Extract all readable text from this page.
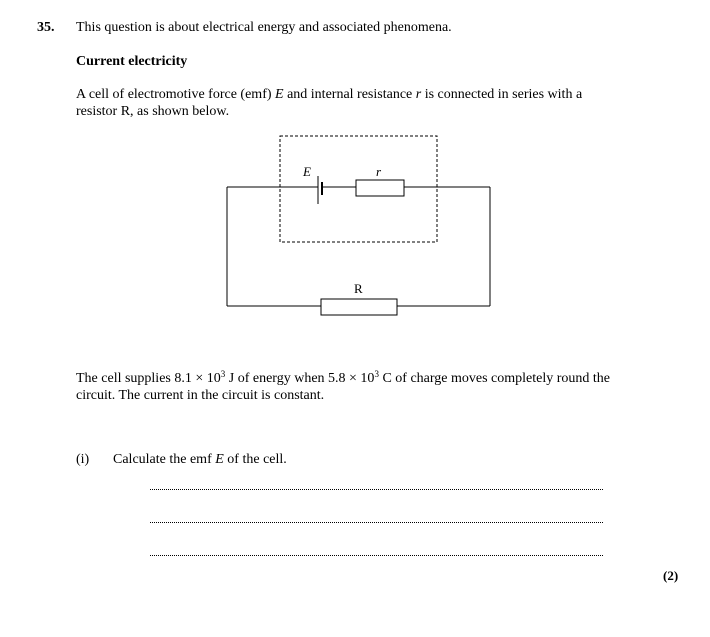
35. This question is about electrical energy and associated phenomena.
Current electricity
A cell of electromotive force (emf) E and internal resistance r is connected in series with a
resistor R, as shown below.
E	r
R
The cell supplies $8.1 \times 10^3$ J of energy when $5.8 \times 10^3$ C of charge moves completely round the
circuit. The current in the circuit is constant.
(i) Calculate the emf E of the cell.
(2)
